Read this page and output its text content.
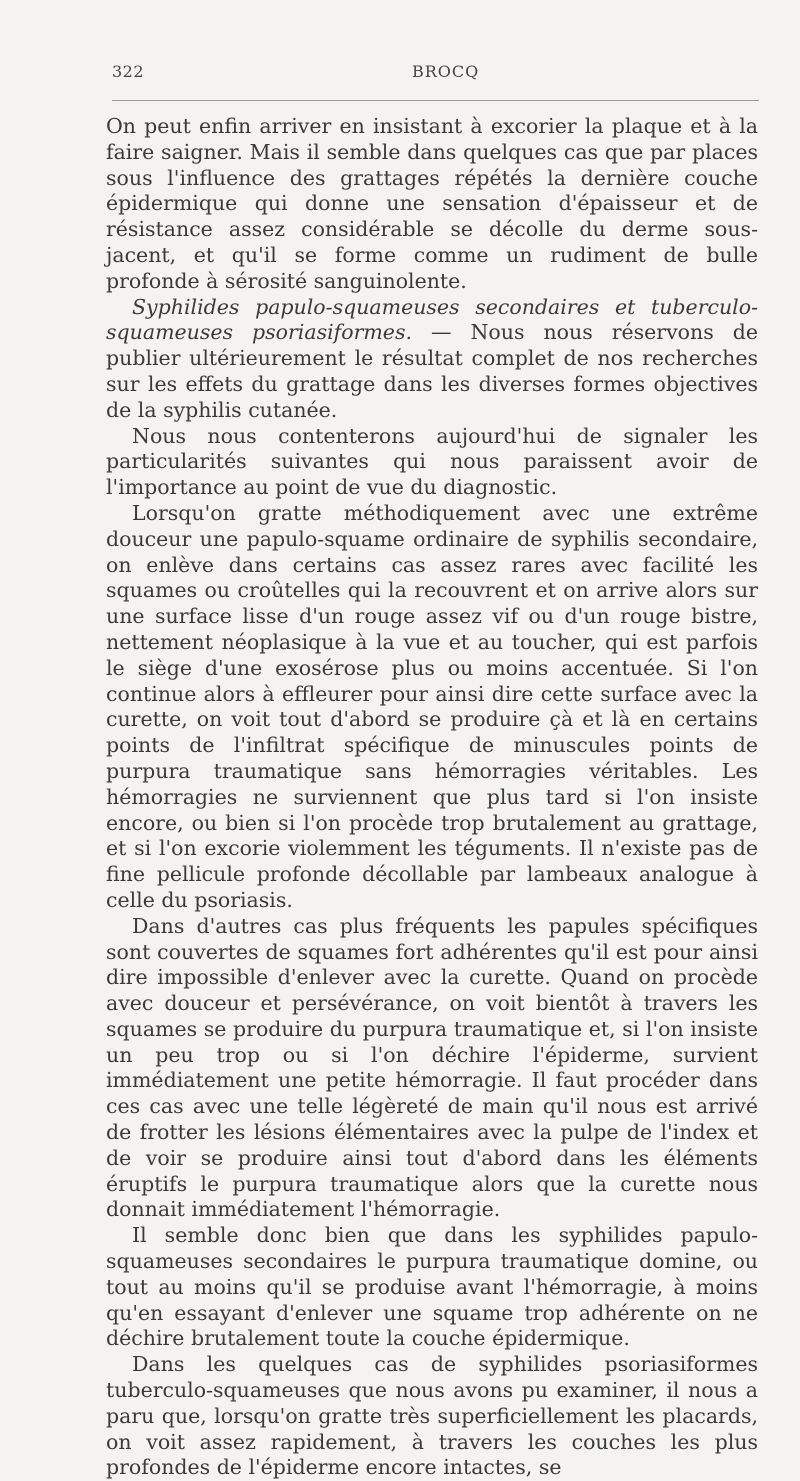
322	BROCQ

On peut enfin arriver en insistant à excorier la plaque et à la faire saigner. Mais il semble dans quelques cas que par places sous l'influence des grattages répétés la dernière couche épidermique qui donne une sensation d'épaisseur et de résistance assez considérable se décolle du derme sous-jacent, et qu'il se forme comme un rudiment de bulle profonde à sérosité sanguinolente.

Syphilides papulo-squameuses secondaires et tuberculo-squameuses psoriasiformes. — Nous nous réservons de publier ultérieurement le résultat complet de nos recherches sur les effets du grattage dans les diverses formes objectives de la syphilis cutanée.

Nous nous contenterons aujourd'hui de signaler les particularités suivantes qui nous paraissent avoir de l'importance au point de vue du diagnostic.

Lorsqu'on gratte méthodiquement avec une extrême douceur une papulo-squame ordinaire de syphilis secondaire, on enlève dans certains cas assez rares avec facilité les squames ou croûtelles qui la recouvrent et on arrive alors sur une surface lisse d'un rouge assez vif ou d'un rouge bistre, nettement néoplasique à la vue et au toucher, qui est parfois le siège d'une exosérose plus ou moins accentuée. Si l'on continue alors à effleurer pour ainsi dire cette surface avec la curette, on voit tout d'abord se produire çà et là en certains points de l'infiltrat spécifique de minuscules points de purpura traumatique sans hémorragies véritables. Les hémorragies ne surviennent que plus tard si l'on insiste encore, ou bien si l'on procède trop brutalement au grattage, et si l'on excorie violemment les téguments. Il n'existe pas de fine pellicule profonde décollable par lambeaux analogue à celle du psoriasis.

Dans d'autres cas plus fréquents les papules spécifiques sont couvertes de squames fort adhérentes qu'il est pour ainsi dire impossible d'enlever avec la curette. Quand on procède avec douceur et persévérance, on voit bientôt à travers les squames se produire du purpura traumatique et, si l'on insiste un peu trop ou si l'on déchire l'épiderme, survient immédiatement une petite hémorragie. Il faut procéder dans ces cas avec une telle légèreté de main qu'il nous est arrivé de frotter les lésions élémentaires avec la pulpe de l'index et de voir se produire ainsi tout d'abord dans les éléments éruptifs le purpura traumatique alors que la curette nous donnait immédiatement l'hémorragie.

Il semble donc bien que dans les syphilides papulo-squameuses secondaires le purpura traumatique domine, ou tout au moins qu'il se produise avant l'hémorragie, à moins qu'en essayant d'enlever une squame trop adhérente on ne déchire brutalement toute la couche épidermique.

Dans les quelques cas de syphilides psoriasiformes tuberculo-squameuses que nous avons pu examiner, il nous a paru que, lorsqu'on gratte très superficiellement les placards, on voit assez rapidement, à travers les couches les plus profondes de l'épiderme encore intactes, se
